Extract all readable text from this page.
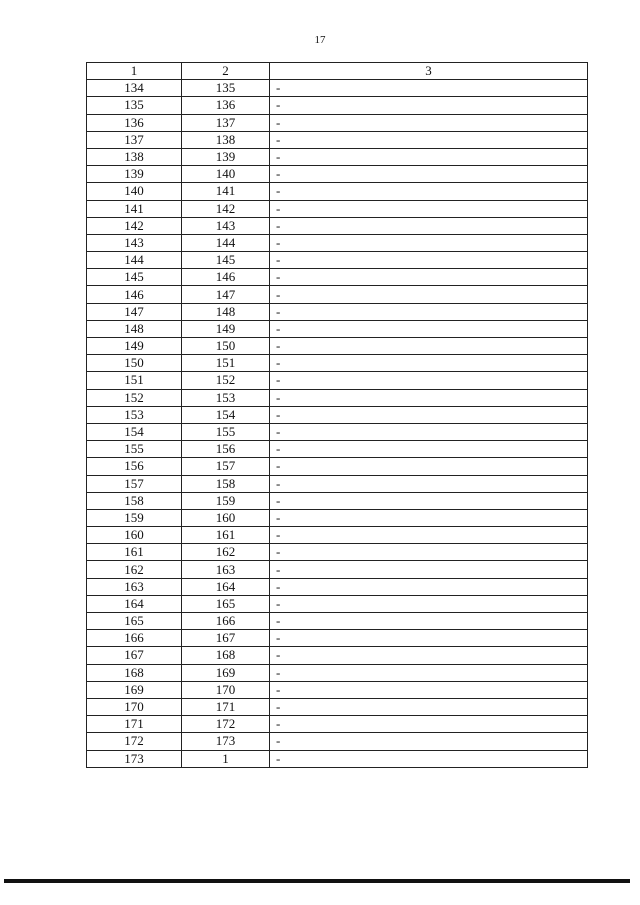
17
1	2	3
134	135	-
135	136	-
136	137	-
137	138	-
138	139	-
139	140	-
140	141	-
141	142	-
142	143	-
143	144	-
144	145	-
145	146	-
146	147	-
147	148	-
148	149	-
149	150	-
150	151	-
151	152	-
152	153	-
153	154	-
154	155	-
155	156	-
156	157	-
157	158	-
158	159	-
159	160	-
160	161	-
161	162	-
162	163	-
163	164	-
164	165	-
165	166	-
166	167	-
167	168	-
168	169	-
169	170	-
170	171	-
171	172	-
172	173	-
173	1	-
